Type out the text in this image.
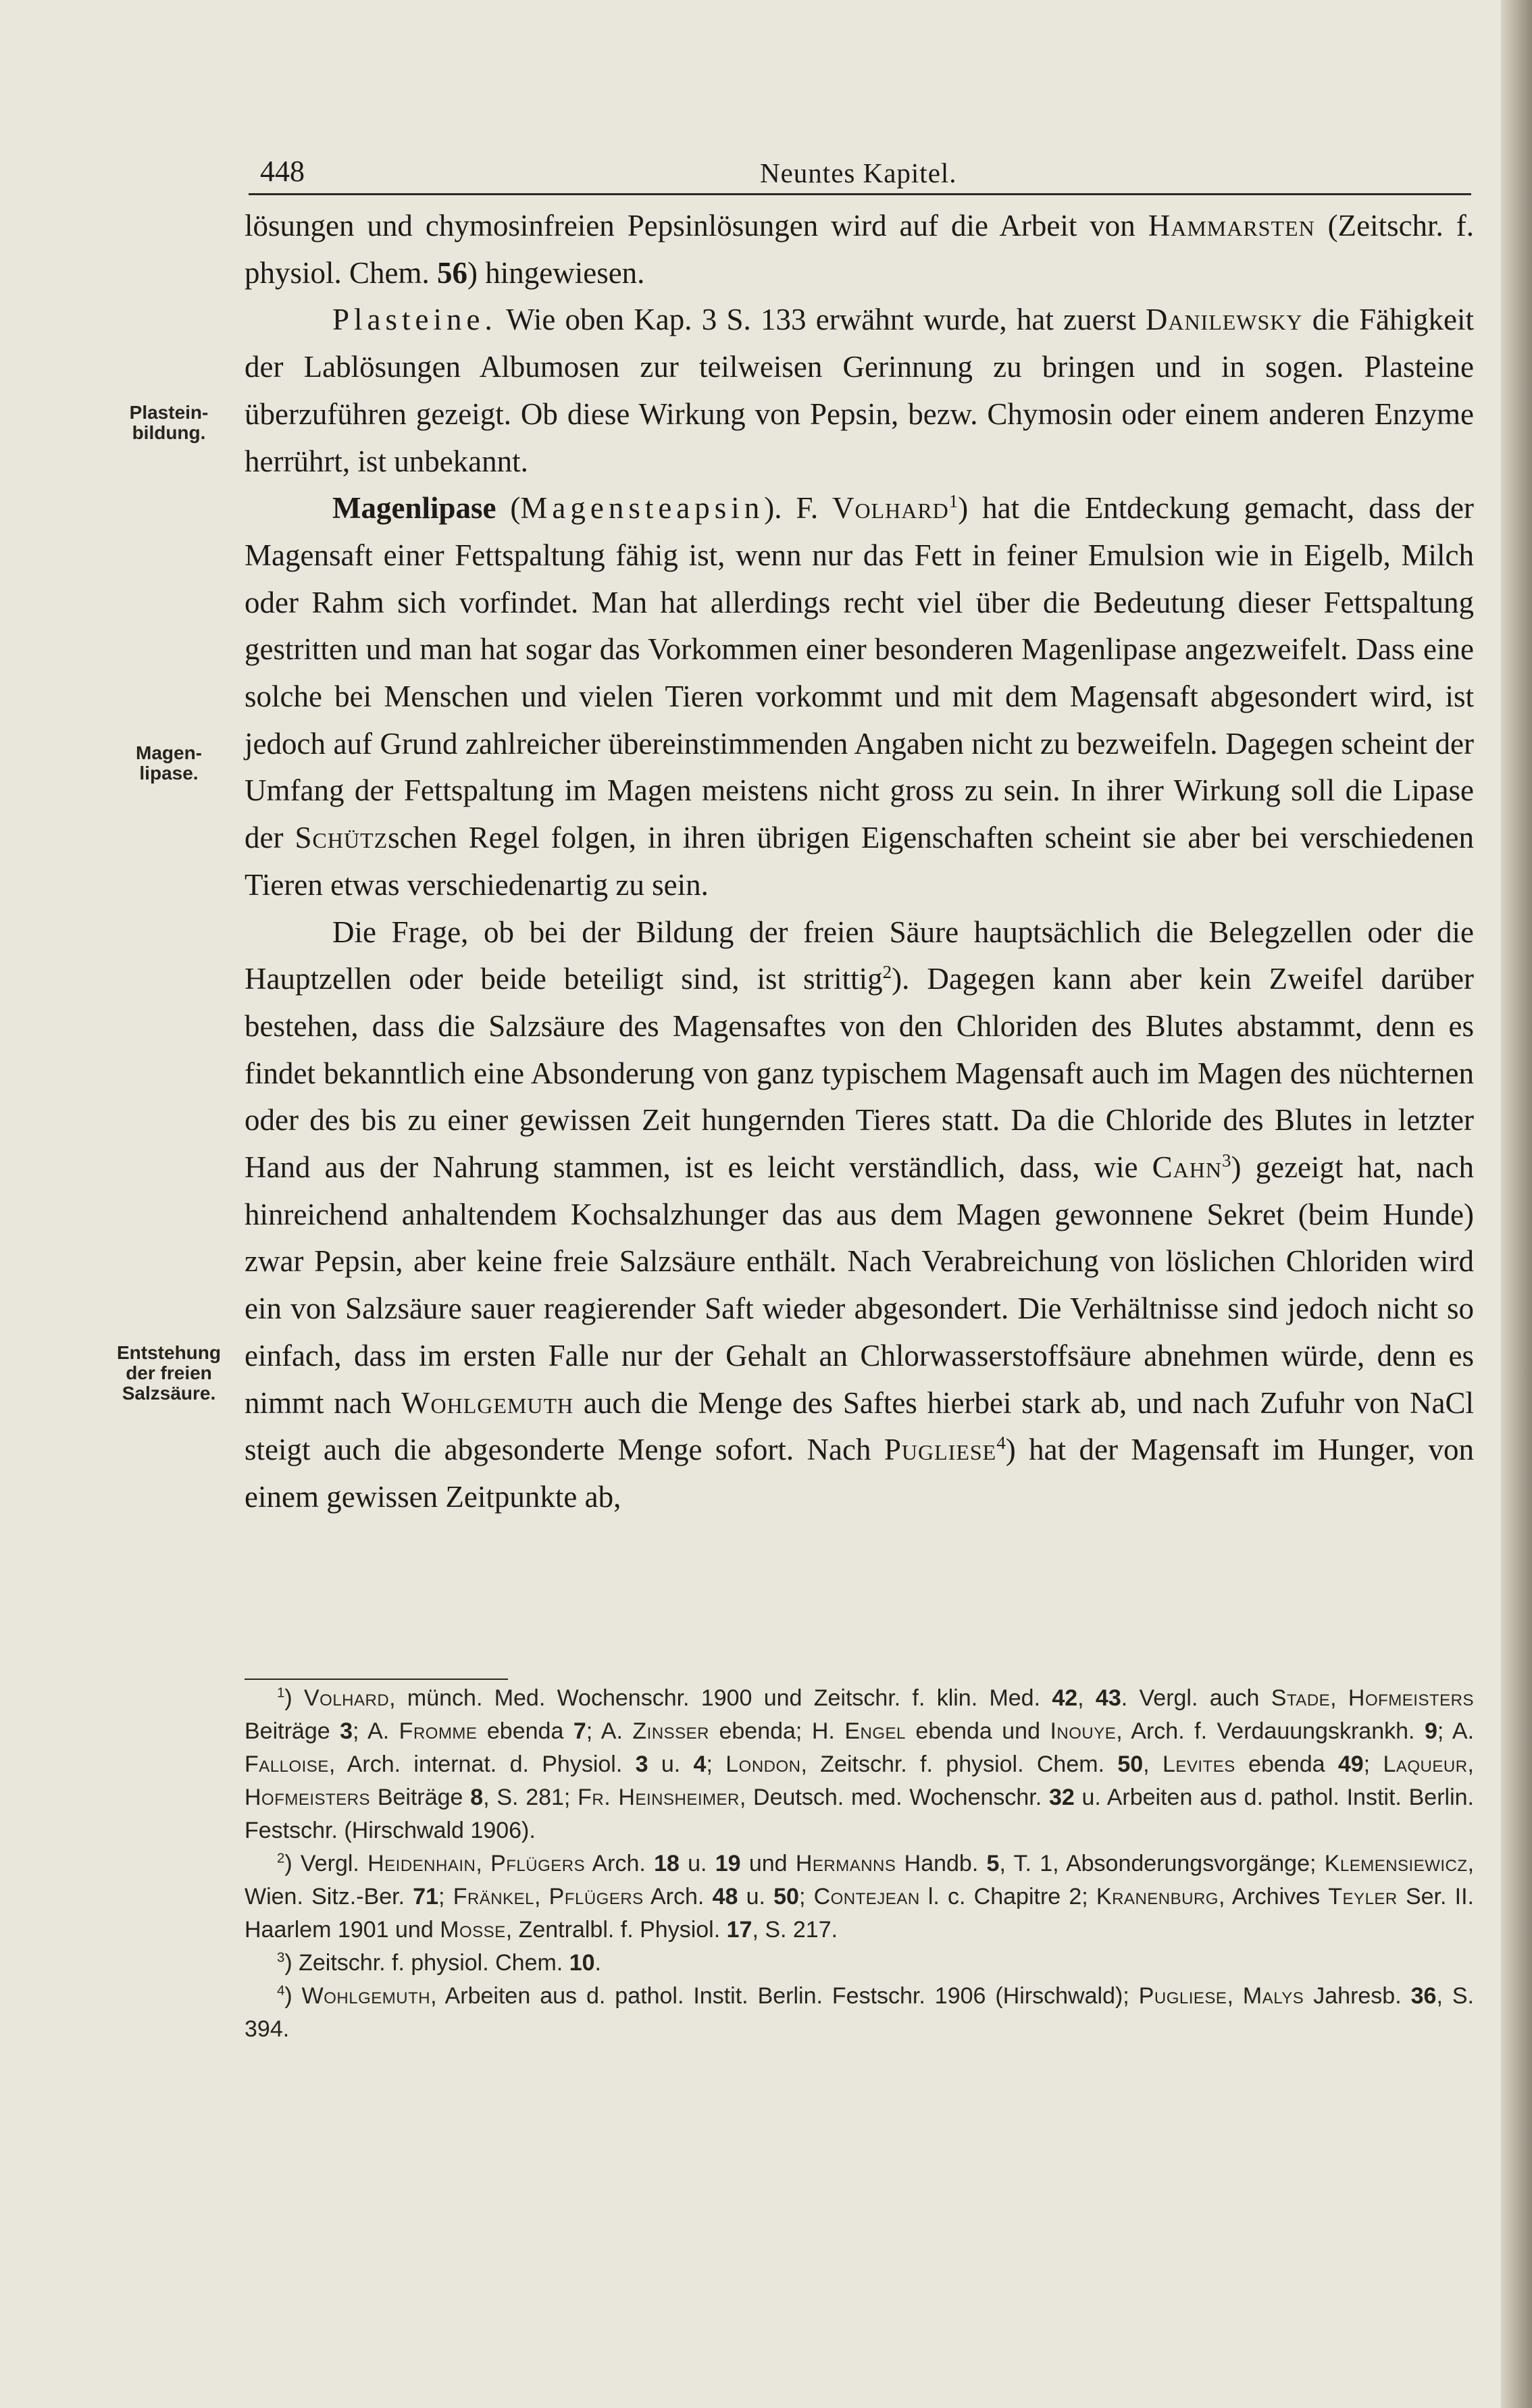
448	Neuntes Kapitel.
Plastein-
bildung.
Magen-
lipase.
Entstehung
der freien
Salzsäure.

lösungen und chymosinfreien Pepsinlösungen wird auf die Arbeit von Hammarsten (Zeitschr. f. physiol. Chem. 56) hingewiesen.

Plasteine. Wie oben Kap. 3 S. 133 erwähnt wurde, hat zuerst Danilewsky die Fähigkeit der Lablösungen Albumosen zur teilweisen Gerinnung zu bringen und in sogen. Plasteine überzuführen gezeigt. Ob diese Wirkung von Pepsin, bezw. Chymosin oder einem anderen Enzyme herrührt, ist unbekannt.

Magenlipase (Magensteapsin). F. Volhard$^1$) hat die Entdeckung gemacht, dass der Magensaft einer Fettspaltung fähig ist, wenn nur das Fett in feiner Emulsion wie in Eigelb, Milch oder Rahm sich vorfindet. Man hat allerdings recht viel über die Bedeutung dieser Fettspaltung gestritten und man hat sogar das Vorkommen einer besonderen Magenlipase angezweifelt. Dass eine solche bei Menschen und vielen Tieren vorkommt und mit dem Magensaft abgesondert wird, ist jedoch auf Grund zahlreicher übereinstimmenden Angaben nicht zu bezweifeln. Dagegen scheint der Umfang der Fettspaltung im Magen meistens nicht gross zu sein. In ihrer Wirkung soll die Lipase der Schützschen Regel folgen, in ihren übrigen Eigenschaften scheint sie aber bei verschiedenen Tieren etwas verschiedenartig zu sein.

Die Frage, ob bei der Bildung der freien Säure hauptsächlich die Belegzellen oder die Hauptzellen oder beide beteiligt sind, ist strittig$^2$). Dagegen kann aber kein Zweifel darüber bestehen, dass die Salzsäure des Magensaftes von den Chloriden des Blutes abstammt, denn es findet bekanntlich eine Absonderung von ganz typischem Magensaft auch im Magen des nüchternen oder des bis zu einer gewissen Zeit hungernden Tieres statt. Da die Chloride des Blutes in letzter Hand aus der Nahrung stammen, ist es leicht verständlich, dass, wie Cahn$^3$) gezeigt hat, nach hinreichend anhaltendem Kochsalzhunger das aus dem Magen gewonnene Sekret (beim Hunde) zwar Pepsin, aber keine freie Salzsäure enthält. Nach Verabreichung von löslichen Chloriden wird ein von Salzsäure sauer reagierender Saft wieder abgesondert. Die Verhältnisse sind jedoch nicht so einfach, dass im ersten Falle nur der Gehalt an Chlorwasserstoffsäure abnehmen würde, denn es nimmt nach Wohlgemuth auch die Menge des Saftes hierbei stark ab, und nach Zufuhr von NaCl steigt auch die abgesonderte Menge sofort. Nach Pugliese$^4$) hat der Magensaft im Hunger, von einem gewissen Zeitpunkte ab,

$^1$) Volhard, münch. Med. Wochenschr. 1900 und Zeitschr. f. klin. Med. 42, 43. Vergl. auch Stade, Hofmeisters Beiträge 3; A. Fromme ebenda 7; A. Zinsser ebenda; H. Engel ebenda und Inouye, Arch. f. Verdauungskrankh. 9; A. Falloise, Arch. internat. d. Physiol. 3 u. 4; London, Zeitschr. f. physiol. Chem. 50, Levites ebenda 49; Laqueur, Hofmeisters Beiträge 8, S. 281; Fr. Heinsheimer, Deutsch. med. Wochenschr. 32 u. Arbeiten aus d. pathol. Instit. Berlin. Festschr. (Hirschwald 1906).

$^2$) Vergl. Heidenhain, Pflügers Arch. 18 u. 19 und Hermanns Handb. 5, T. 1, Absonderungsvorgänge; Klemensiewicz, Wien. Sitz.-Ber. 71; Fränkel, Pflügers Arch. 48 u. 50; Contejean l. c. Chapitre 2; Kranenburg, Archives Teyler Ser. II. Haarlem 1901 und Mosse, Zentralbl. f. Physiol. 17, S. 217.

$^3$) Zeitschr. f. physiol. Chem. 10.

$^4$) Wohlgemuth, Arbeiten aus d. pathol. Instit. Berlin. Festschr. 1906 (Hirschwald); Pugliese, Malys Jahresb. 36, S. 394.
